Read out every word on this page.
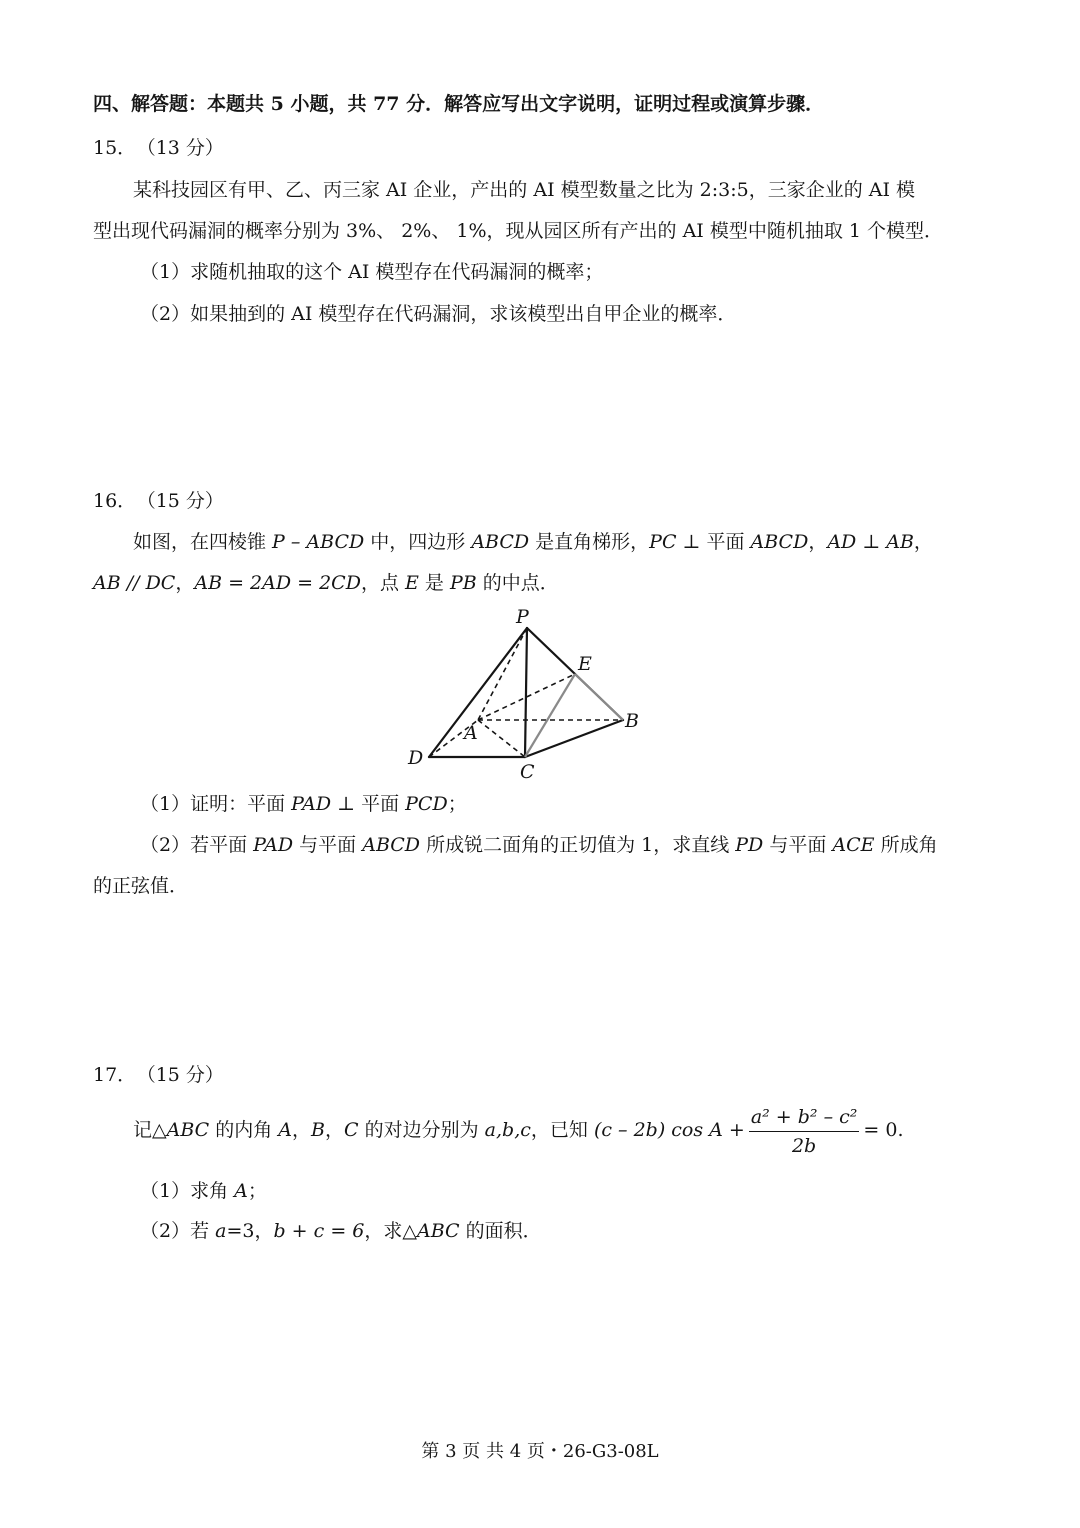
四、解答题：本题共 5 小题，共 77 分．解答应写出文字说明，证明过程或演算步骤．
15． （13 分）
某科技园区有甲、乙、丙三家 AI 企业，产出的 AI 模型数量之比为 2:3:5，三家企业的 AI 模
型出现代码漏洞的概率分别为 3%、 2%、 1%，现从园区所有产出的 AI 模型中随机抽取 1 个模型．
（1）求随机抽取的这个 AI 模型存在代码漏洞的概率；
（2）如果抽到的 AI 模型存在代码漏洞，求该模型出自甲企业的概率．
16． （15 分）
如图，在四棱锥 P – ABCD 中，四边形 ABCD 是直角梯形，PC ⊥ 平面 ABCD，AD ⊥ AB，
AB // DC，AB = 2AD = 2CD，点 E 是 PB 的中点．
P
E
B
A
D
C
（1）证明：平面 PAD ⊥ 平面 PCD；
（2）若平面 PAD 与平面 ABCD 所成锐二面角的正切值为 1，求直线 PD 与平面 ACE 所成角
的正弦值．
17． （15 分）
记△ABC 的内角 A，B，C 的对边分别为 a,b,c，已知 (c – 2b) $\cos A + \frac{\text{a² + b² – c²}}{2b} = 0$.
（1）求角 A；
（2）若 a=3，b + c = 6，求△ABC 的面积．
第 3 页 共 4 页・26-G3-08L
